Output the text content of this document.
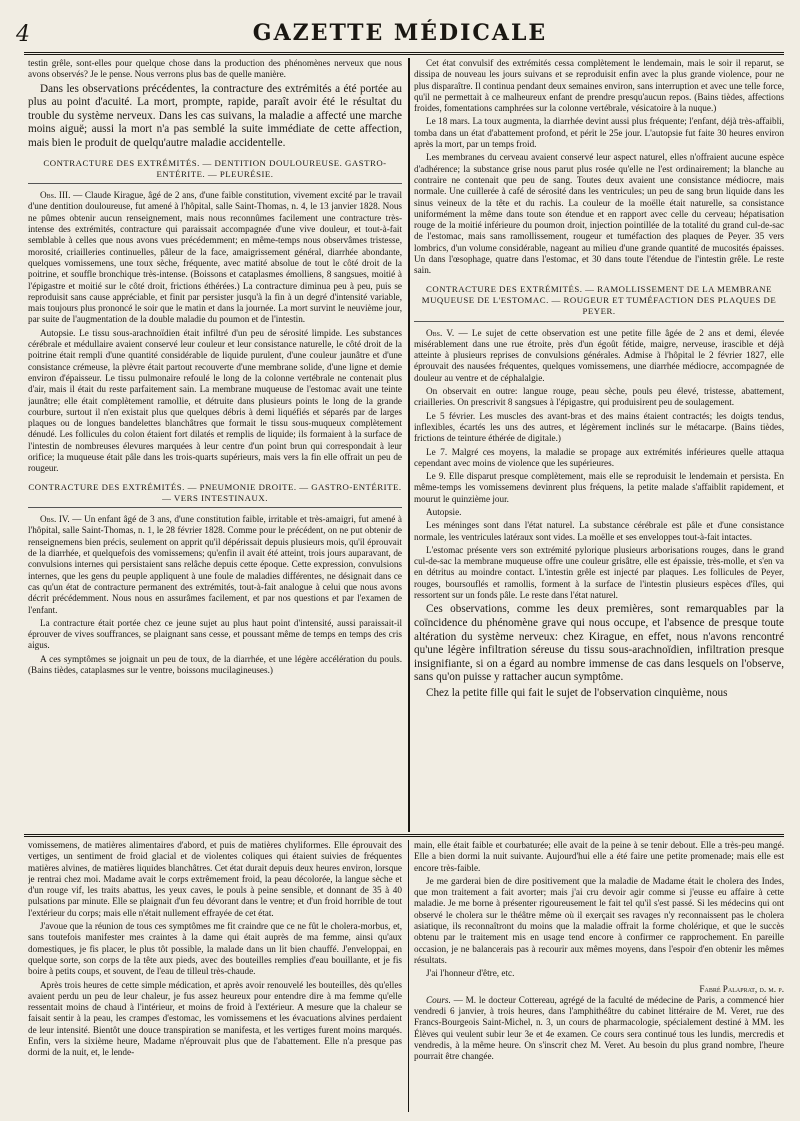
4	GAZETTE MÉDICALE

testin grêle, sont-elles pour quelque chose dans la production des phénomènes nerveux que nous avons observés? Je le pense. Nous verrons plus bas de quelle manière.

Dans les observations précédentes, la contracture des extrémités a été portée au plus au point d'acuité. La mort, prompte, rapide, paraît avoir été le résultat du trouble du système nerveux. Dans les cas suivans, la maladie a affecté une marche moins aiguë; aussi la mort n'a pas semblé la suite immédiate de cette affection, mais bien le produit de quelqu'autre maladie accidentelle.

CONTRACTURE DES EXTRÉMITÉS. — DENTITION DOULOUREUSE. GASTRO-ENTÉRITE. — PLEURÉSIE.

Obs. III. — Claude Kirague, âgé de 2 ans, d'une faible constitution, vivement excité par le travail d'une dentition douloureuse, fut amené à l'hôpital, salle Saint-Thomas, n. 4, le 13 janvier 1828. Nous ne pûmes obtenir aucun renseignement, mais nous reconnûmes facilement une contracture très-intense des extrémités, contracture qui paraissait accompagnée d'une vive douleur, et tout-à-fait semblable à celles que nous avons vues précédemment; en même-temps nous observâmes tristesse, morosité, criailleries continuelles, pâleur de la face, amaigrissement général, diarrhée abondante, quelques vomissemens, une toux sèche, fréquente, avec matité absolue de tout le côté droit de la poitrine, et souffle bronchique très-intense. (Boissons et cataplasmes émolliens, 8 sangsues, moitié à l'épigastre et moitié sur le côté droit, frictions éthérées.) La contracture diminua peu à peu, puis se reproduisit sans cause appréciable, et finit par persister jusqu'à la fin à un degré d'intensité variable, mais toujours plus prononcé le soir que le matin et dans la journée. La mort survint le neuvième jour, par suite de l'augmentation de la double maladie du poumon et de l'intestin.

Autopsie. Le tissu sous-arachnoïdien était infiltré d'un peu de sérosité limpide. Les substances cérébrale et médullaire avaient conservé leur couleur et leur consistance naturelle, le côté droit de la poitrine était rempli d'une quantité considérable de liquide purulent, d'une couleur jaunâtre et d'une consistance crémeuse, la plèvre était partout recouverte d'une membrane solide, d'une ligne et demie environ d'épaisseur. Le tissu pulmonaire refoulé le long de la colonne vertébrale ne contenait plus d'air, mais il était du reste parfaitement sain. La membrane muqueuse de l'estomac avait une teinte jaunâtre; elle était complètement ramollie, et détruite dans plusieurs points le long de la grande courbure, surtout il n'en existait plus que quelques débris à demi liquéfiés et séparés par de larges plaques ou de longues bandelettes blanchâtres que formait le tissu sous-muqueux complètement dénudé. Les follicules du colon étaient fort dilatés et remplis de liquide; ils formaient à la surface de l'intestin de nombreuses élevures marquées à leur centre d'un point brun qui correspondait à leur orifice; la muqueuse était pâle dans les trois-quarts supérieurs, mais vers la fin elle offrait un peu de rougeur.

CONTRACTURE DES EXTRÉMITÉS. — PNEUMONIE DROITE. — GASTRO-ENTÉRITE. — VERS INTESTINAUX.

Obs. IV. — Un enfant âgé de 3 ans, d'une constitution faible, irritable et très-amaigri, fut amené à l'hôpital, salle Saint-Thomas, n. 1, le 28 février 1828. Comme pour le précédent, on ne put obtenir de renseignemens bien précis, seulement on apprit qu'il dépérissait depuis plusieurs mois, qu'il éprouvait de la diarrhée, et quelquefois des vomissemens; qu'enfin il avait été atteint, trois jours auparavant, de convulsions internes qui persistaient sans relâche depuis cette époque. Cette expression, convulsions internes, que les gens du peuple appliquent à une foule de maladies différentes, ne désignait dans ce cas qu'un état de contracture permanent des extrémités, tout-à-fait analogue à celui que nous avons décrit précédemment. Nous nous en assurâmes facilement, et par nos questions et par l'examen de l'enfant.

La contracture était portée chez ce jeune sujet au plus haut point d'intensité, aussi paraissait-il éprouver de vives souffrances, se plaignant sans cesse, et poussant même de temps en temps des cris aigus.

A ces symptômes se joignait un peu de toux, de la diarrhée, et une légère accélération du pouls. (Bains tièdes, cataplasmes sur le ventre, boissons mucilagineuses.)

Cet état convulsif des extrémités cessa complètement le lendemain, mais le soir il reparut, se dissipa de nouveau les jours suivans et se reproduisit enfin avec la plus grande violence, pour ne plus disparaître. Il continua pendant deux semaines environ, sans interruption et avec une telle force, qu'il ne permettait à ce malheureux enfant de prendre presqu'aucun repos. (Bains tièdes, affections froides, fomentations camphrées sur la colonne vertébrale, vésicatoire à la nuque.)

Le 18 mars. La toux augmenta, la diarrhée devint aussi plus fréquente; l'enfant, déjà très-affaibli, tomba dans un état d'abattement profond, et périt le 25e jour. L'autopsie fut faite 30 heures environ après la mort, par un temps froid.

Les membranes du cerveau avaient conservé leur aspect naturel, elles n'offraient aucune espèce d'adhérence; la substance grise nous parut plus rosée qu'elle ne l'est ordinairement; la blanche au contraire ne contenait que peu de sang. Toutes deux avaient une consistance médiocre, mais normale. Une cuillerée à café de sérosité dans les ventricules; un peu de sang brun liquide dans les sinus veineux de la tête et du rachis. La couleur de la moëlle était naturelle, sa consistance uniformément la même dans toute son étendue et en rapport avec celle du cerveau; hépatisation rouge de la moitié inférieure du poumon droit, injection pointillée de la totalité du grand cul-de-sac de l'estomac, mais sans ramollissement, rougeur et tuméfaction des plaques de Peyer. 35 vers lombrics, d'un volume considérable, nageant au milieu d'une grande quantité de mucosités épaisses. Un dans l'œsophage, quatre dans l'estomac, et 30 dans toute l'étendue de l'intestin grêle. Le reste sain.

CONTRACTURE DES EXTRÉMITÉS. — RAMOLLISSEMENT DE LA MEMBRANE MUQUEUSE DE L'ESTOMAC. — ROUGEUR ET TUMÉFACTION DES PLAQUES DE PEYER.

Obs. V. — Le sujet de cette observation est une petite fille âgée de 2 ans et demi, élevée misérablement dans une rue étroite, près d'un égoût fétide, maigre, nerveuse, irascible et déjà atteinte à plusieurs reprises de convulsions générales. Admise à l'hôpital le 2 février 1827, elle éprouvait des nausées fréquentes, quelques vomissemens, une diarrhée médiocre, accompagnée de douleur au ventre et de céphalalgie.

On observait en outre: langue rouge, peau sèche, pouls peu élevé, tristesse, abattement, criailleries. On prescrivit 8 sangsues à l'épigastre, qui produisirent peu de soulagement.

Le 5 février. Les muscles des avant-bras et des mains étaient contractés; les doigts tendus, inflexibles, écartés les uns des autres, et légèrement inclinés sur le métacarpe. (Bains tièdes, frictions de teinture éthérée de digitale.)

Le 7. Malgré ces moyens, la maladie se propage aux extrémités inférieures quelle attaqua cependant avec moins de violence que les supérieures.

Le 9. Elle disparut presque complètement, mais elle se reproduisit le lendemain et persista. En même-temps les vomissemens devinrent plus fréquens, la petite malade s'affaiblit rapidement, et mourut le quinzième jour.

Autopsie.

Les méninges sont dans l'état naturel. La substance cérébrale est pâle et d'une consistance normale, les ventricules latéraux sont vides. La moëlle et ses enveloppes tout-à-fait intactes.

L'estomac présente vers son extrémité pylorique plusieurs arborisations rouges, dans le grand cul-de-sac la membrane muqueuse offre une couleur grisâtre, elle est épaissie, très-molle, et s'en va en détritus au moindre contact. L'intestin grêle est injecté par plaques. Les follicules de Peyer, rouges, boursouflés et ramollis, forment à la surface de l'intestin plusieurs espèces d'îles, qui ressortent sur un fonds pâle. Le reste dans l'état naturel.

Ces observations, comme les deux premières, sont remarquables par la coïncidence du phénomène grave qui nous occupe, et l'absence de presque toute altération du système nerveux: chez Kirague, en effet, nous n'avons rencontré qu'une légère infiltration séreuse du tissu sous-arachnoïdien, infiltration presque insignifiante, si on a égard au nombre immense de cas dans lesquels on l'observe, sans qu'on puisse y rattacher aucun symptôme.

Chez la petite fille qui fait le sujet de l'observation cinquième, nous

vomissemens, de matières alimentaires d'abord, et puis de matières chyliformes. Elle éprouvait des vertiges, un sentiment de froid glacial et de violentes coliques qui étaient suivies de fréquentes matières alvines, de matières liquides blanchâtres. Cet état durait depuis deux heures environ, lorsque je rentrai chez moi. Madame avait le corps extrêmement froid, la peau décolorée, la langue sèche et d'un rouge vif, les traits abattus, les yeux caves, le pouls à peine sensible, et donnant de 35 à 40 pulsations par minute. Elle se plaignait d'un feu dévorant dans le ventre; et d'un froid horrible de tout l'extérieur du corps; mais elle n'était nullement effrayée de cet état.

J'avoue que la réunion de tous ces symptômes me fit craindre que ce ne fût le cholera-morbus, et, sans toutefois manifester mes craintes à la dame qui était auprès de ma femme, ainsi qu'aux domestiques, je fis placer, le plus tôt possible, la malade dans un lit bien chauffé. J'enveloppai, en quelque sorte, son corps de la tête aux pieds, avec des bouteilles remplies d'eau bouillante, et je fis boire à petits coups, et souvent, de l'eau de tilleul très-chaude.

Après trois heures de cette simple médication, et après avoir renouvelé les bouteilles, dès qu'elles avaient perdu un peu de leur chaleur, je fus assez heureux pour entendre dire à ma femme qu'elle ressentait moins de chaud à l'intérieur, et moins de froid à l'extérieur. A mesure que la chaleur se faisait sentir à la peau, les crampes d'estomac, les vomissemens et les évacuations alvines perdaient de leur intensité. Bientôt une douce transpiration se manifesta, et les vertiges furent moins marqués. Enfin, vers la sixième heure, Madame n'éprouvait plus que de l'abattement. Elle n'a presque pas dormi de la nuit, et, le lende-

main, elle était faible et courbaturée; elle avait de la peine à se tenir debout. Elle a très-peu mangé. Elle a bien dormi la nuit suivante. Aujourd'hui elle a été faire une petite promenade; mais elle est encore très-faible.

Je me garderai bien de dire positivement que la maladie de Madame était le cholera des Indes, que mon traitement a fait avorter; mais j'ai cru devoir agir comme si j'eusse eu affaire à cette maladie. Je me borne à présenter rigoureusement le fait tel qu'il s'est passé. Si les médecins qui ont observé le cholera sur le théâtre même où il exerçait ses ravages n'y reconnaissent pas le cholera asiatique, ils reconnaîtront du moins que la maladie offrait la forme cholérique, et que le succès obtenu par le traitement mis en usage tend encore à confirmer ce rapprochement. En pareille occasion, je ne balancerais pas à recourir aux mêmes moyens, dans l'espoir d'en obtenir les mêmes résultats.

J'ai l'honneur d'être, etc.

Fabré Palaprat, d. m. p.

Cours. — M. le docteur Cottereau, agrégé de la faculté de médecine de Paris, a commencé hier vendredi 6 janvier, à trois heures, dans l'amphithéâtre du cabinet littéraire de M. Veret, rue des Francs-Bourgeois Saint-Michel, n. 3, un cours de pharmacologie, spécialement destiné à MM. les Élèves qui veulent subir leur 3e et 4e examen. Ce cours sera continué tous les lundis, mercredis et vendredis, à la même heure. On s'inscrit chez M. Veret. Au besoin du plus grand nombre, l'heure pourrait être changée.
